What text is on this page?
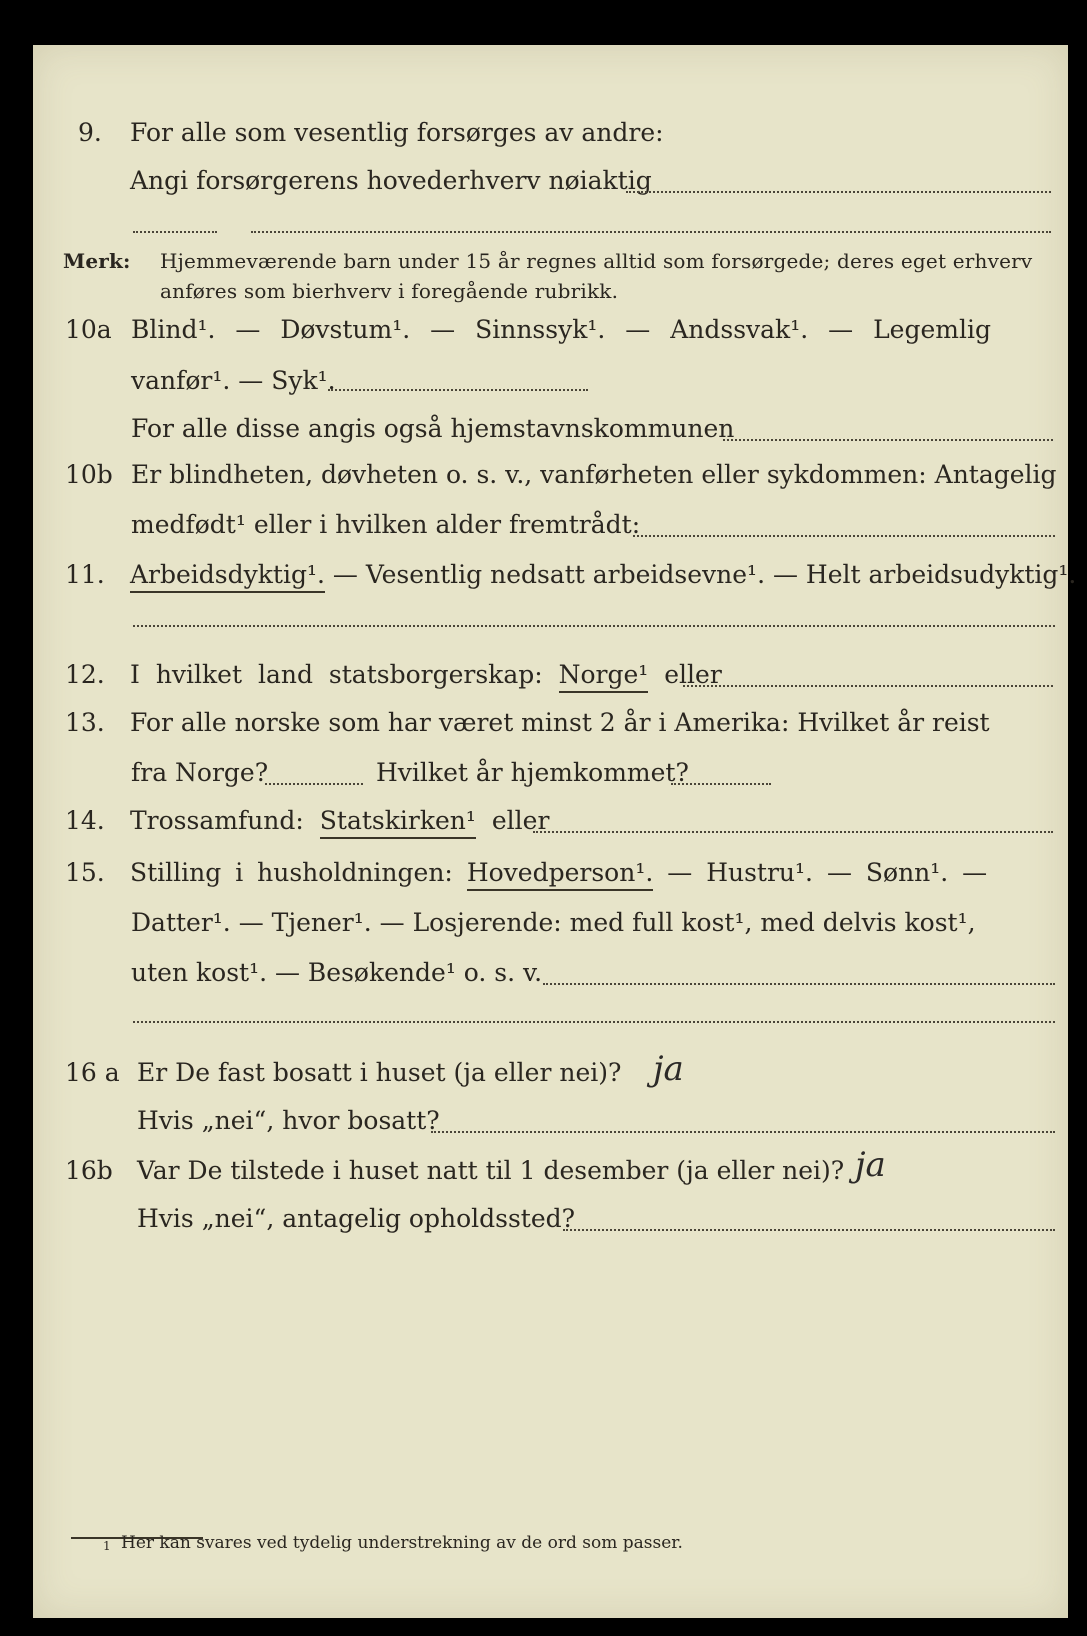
9. For alle som vesentlig forsørges av andre:
Angi forsørgerens hovederhverv nøiaktig
Merk: Hjemmeværende barn under 15 år regnes alltid som forsørgede; deres eget erhverv
anføres som bierhverv i foregående rubrikk.
10a Blind¹. — Døvstum¹. — Sinnssyk¹. — Andssvak¹. — Legemlig
vanfør¹. — Syk¹.
For alle disse angis også hjemstavnskommunen
10b Er blindheten, døvheten o. s. v., vanførheten eller sykdommen: Antagelig
medfødt¹ eller i hvilken alder fremtrådt:
11. Arbeidsdyktig¹. — Vesentlig nedsatt arbeidsevne¹. — Helt arbeidsudyktig¹.
12. I hvilket land statsborgerskap: Norge¹ eller
13. For alle norske som har været minst 2 år i Amerika: Hvilket år reist
fra Norge?	Hvilket år hjemkommet?
14. Trossamfund: Statskirken¹ eller
15. Stilling i husholdningen: Hovedperson¹. — Hustru¹. — Sønn¹. —
Datter¹. — Tjener¹. — Losjerende: med full kost¹, med delvis kost¹,
uten kost¹. — Besøkende¹ o. s. v.
16 a Er De fast bosatt i huset (ja eller nei)? ja
Hvis „nei“, hvor bosatt?
16b Var De tilstede i huset natt til 1 desember (ja eller nei)? ja
Hvis „nei“, antagelig opholdssted?
1 Her kan svares ved tydelig understrekning av de ord som passer.
